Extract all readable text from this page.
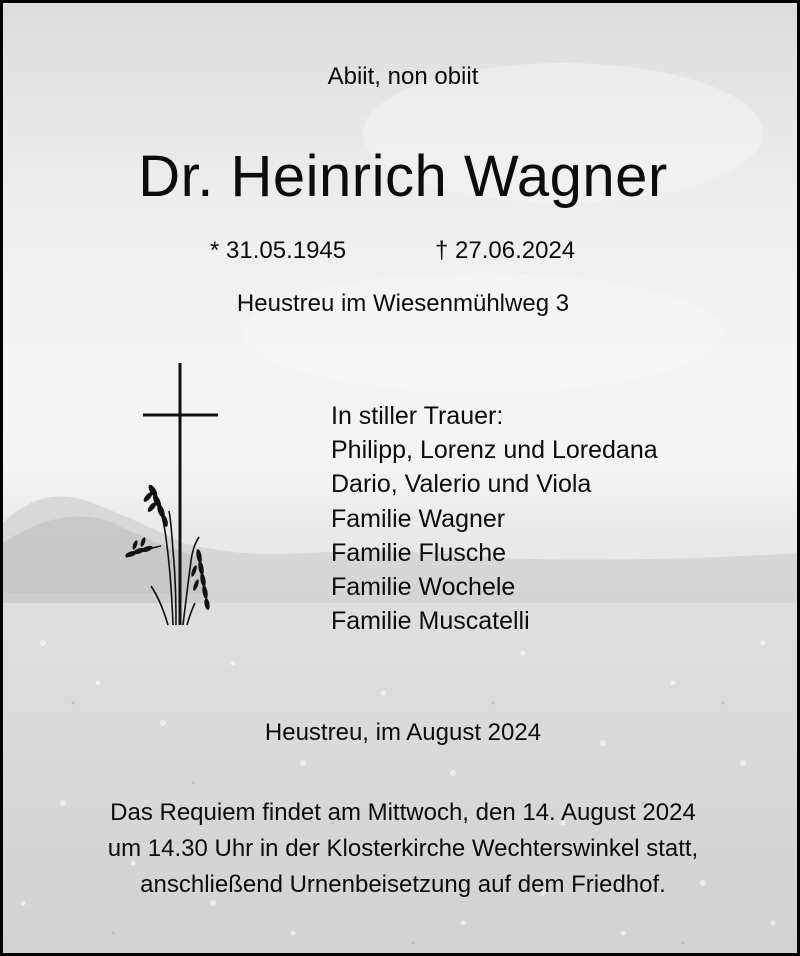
Abiit, non obiit
Dr. Heinrich Wagner
* 31.05.1945	† 27.06.2024
Heustreu im Wiesenmühlweg 3
In stiller Trauer:
Philipp, Lorenz und Loredana
Dario, Valerio und Viola
Familie Wagner
Familie Flusche
Familie Wochele
Familie Muscatelli
Heustreu, im August 2024
Das Requiem findet am Mittwoch, den 14. August 2024
um 14.30 Uhr in der Klosterkirche Wechterswinkel statt,
anschließend Urnenbeisetzung auf dem Friedhof.
